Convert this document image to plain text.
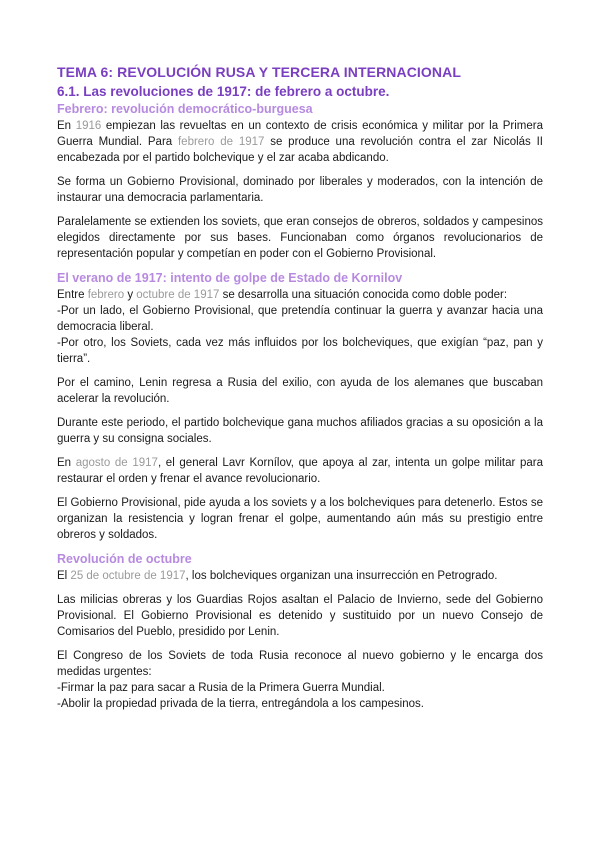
TEMA 6: REVOLUCIÓN RUSA Y TERCERA INTERNACIONAL
6.1. Las revoluciones de 1917: de febrero a octubre.
Febrero: revolución democrático-burguesa

En 1916 empiezan las revueltas en un contexto de crisis económica y militar por la Primera Guerra Mundial. Para febrero de 1917 se produce una revolución contra el zar Nicolás II encabezada por el partido bolchevique y el zar acaba abdicando.

Se forma un Gobierno Provisional, dominado por liberales y moderados, con la intención de instaurar una democracia parlamentaria.

Paralelamente se extienden los soviets, que eran consejos de obreros, soldados y campesinos elegidos directamente por sus bases. Funcionaban como órganos revolucionarios de representación popular y competían en poder con el Gobierno Provisional.

El verano de 1917: intento de golpe de Estado de Kornilov

Entre febrero y octubre de 1917 se desarrolla una situación conocida como doble poder:

-Por un lado, el Gobierno Provisional, que pretendía continuar la guerra y avanzar hacia una democracia liberal.

-Por otro, los Soviets, cada vez más influidos por los bolcheviques, que exigían “paz, pan y tierra”.

Por el camino, Lenin regresa a Rusia del exilio, con ayuda de los alemanes que buscaban acelerar la revolución.

Durante este periodo, el partido bolchevique gana muchos afiliados gracias a su oposición a la guerra y su consigna sociales.

En agosto de 1917, el general Lavr Kornílov, que apoya al zar, intenta un golpe militar para restaurar el orden y frenar el avance revolucionario.

El Gobierno Provisional, pide ayuda a los soviets y a los bolcheviques para detenerlo. Estos se organizan la resistencia y logran frenar el golpe, aumentando aún más su prestigio entre obreros y soldados.

Revolución de octubre

El 25 de octubre de 1917, los bolcheviques organizan una insurrección en Petrogrado.

Las milicias obreras y los Guardias Rojos asaltan el Palacio de Invierno, sede del Gobierno Provisional. El Gobierno Provisional es detenido y sustituido por un nuevo Consejo de Comisarios del Pueblo, presidido por Lenin.

El Congreso de los Soviets de toda Rusia reconoce al nuevo gobierno y le encarga dos medidas urgentes:

-Firmar la paz para sacar a Rusia de la Primera Guerra Mundial.

-Abolir la propiedad privada de la tierra, entregándola a los campesinos.
